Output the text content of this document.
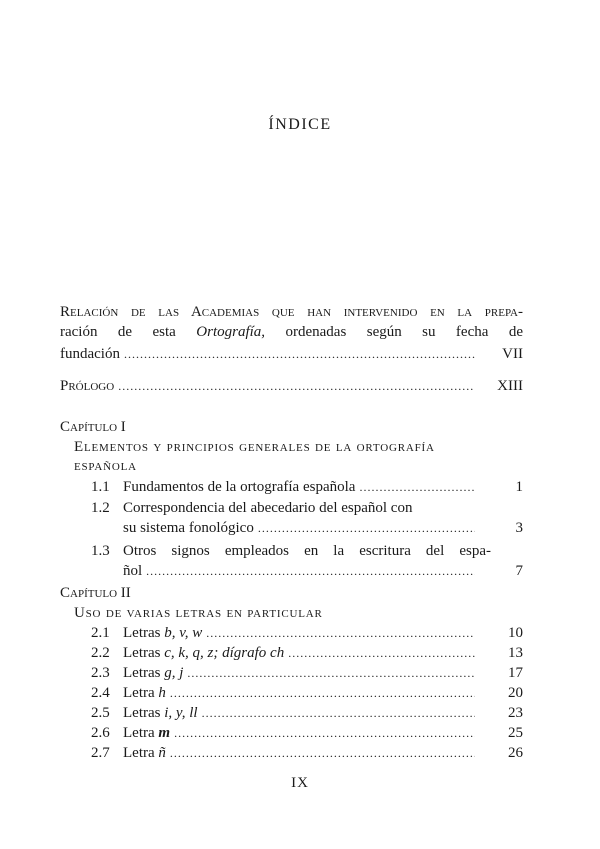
ÍNDICE
Relación de las Academias que han intervenido en la prepa-
ración de esta Ortografía, ordenadas según su fecha de
fundación .....	VII
Prólogo .....	XIII
Capítulo I
Elementos y principios generales de la ortografía
española
1.1 Fundamentos de la ortografía española .....	1
1.2 Correspondencia del abecedario del español con
su sistema fonológico .....	3
1.3 Otros signos empleados en la escritura del espa-
ñol .....	7
Capítulo II
Uso de varias letras en particular
2.1 Letras b, v, w .....	10
2.2 Letras c, k, q, z; dígrafo ch .....	13
2.3 Letras g, j .....	17
2.4 Letra h .....	20
2.5 Letras i, y, ll .....	23
2.6 Letra m .....	25
2.7 Letra ñ .....	26
IX
